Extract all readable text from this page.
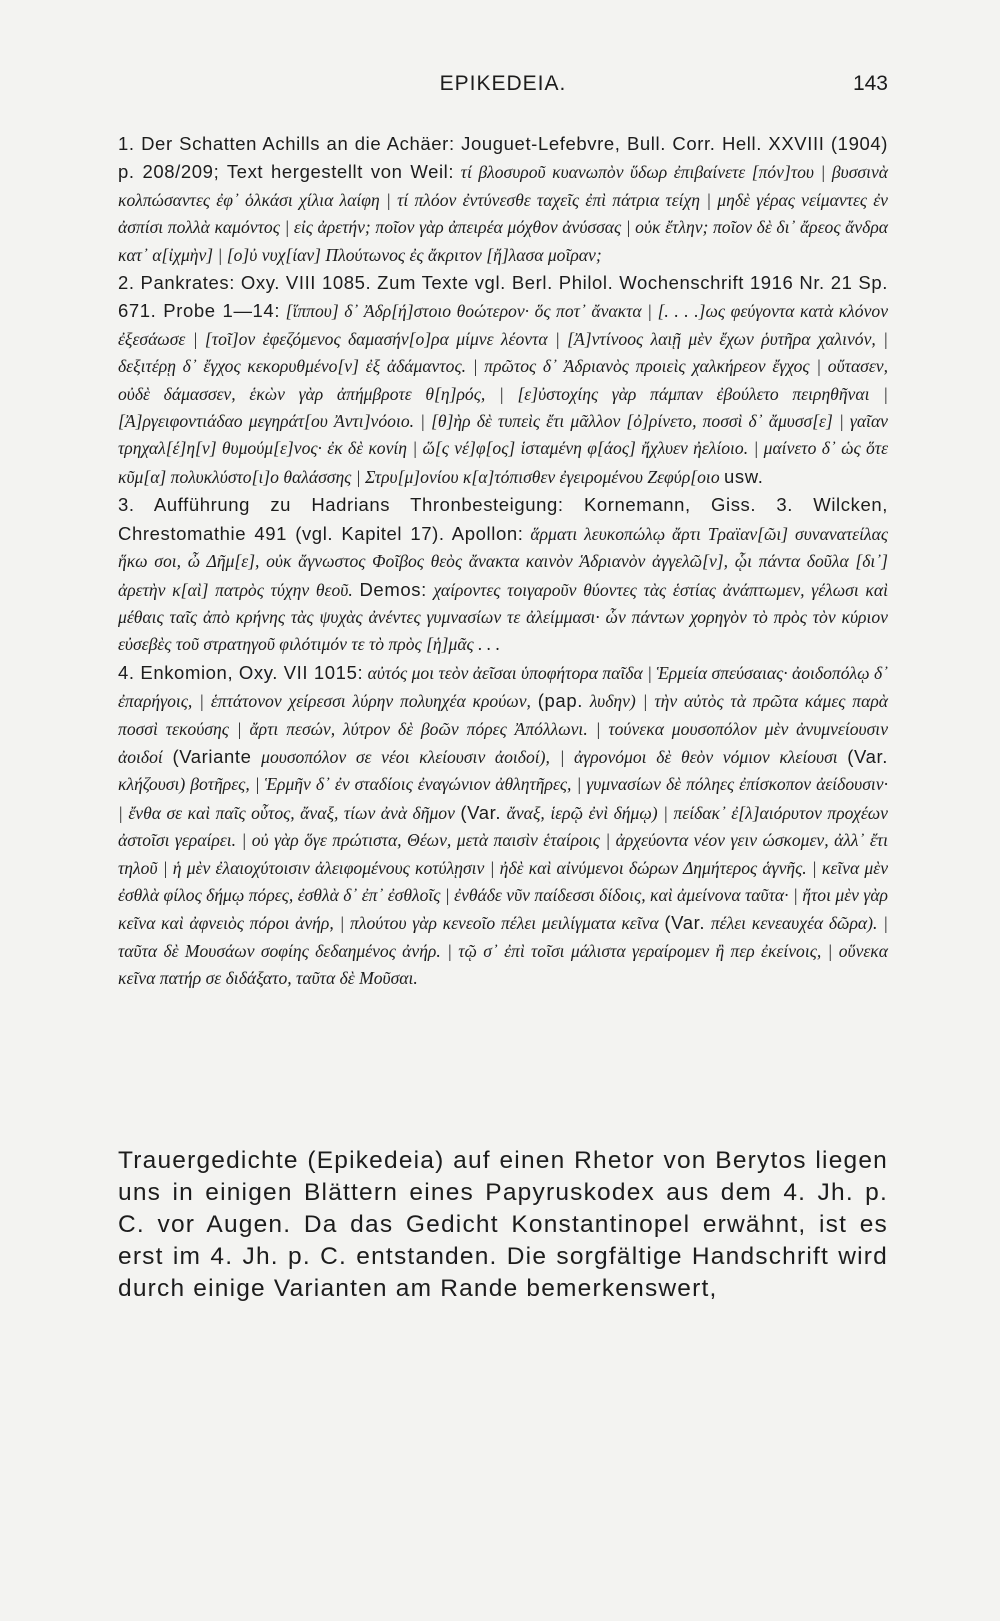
EPIKEDEIA.	143

1. Der Schatten Achills an die Achäer: Jouguet-Lefebvre, Bull. Corr. Hell. XXVIII (1904) p. 208/209; Text hergestellt von Weil: τί βλοσυροῦ κυανωπὸν ὕδωρ ἐπιβαίνετε [πόν]του | βυσσινὰ κολπώσαντες ἐφ᾽ ὁλκάσι χίλια λαίφη | τί πλόον ἐντύνεσθε ταχεῖς ἐπὶ πάτρια τείχη | μηδὲ γέρας νείμαντες ἐν ἀσπίσι πολλὰ καμόντος | εἰς ἀρετήν; ποῖον γὰρ ἀπειρέα μόχθον ἀνύσσας | οὐκ ἔτλην; ποῖον δὲ δι᾽ ἄρεος ἄνδρα κατ᾽ α[ἰχμὴν] | [ο]ὐ νυχ[ίαν] Πλούτωνος ἐς ἄκριτον [ἤ]λασα μοῖραν;

2. Pankrates: Oxy. VIII 1085. Zum Texte vgl. Berl. Philol. Wochenschrift 1916 Nr. 21 Sp. 671. Probe 1—14: [ἵππου] δ᾽ Ἀδρ[ή]στοιο θοώτερον· ὅς ποτ᾽ ἄνακτα | [. . . .]ως φεύγοντα κατὰ κλόνον ἐξεσάωσε | [τοῖ]ον ἐφεζόμενος δαμασήν[ο]ρα μίμνε λέοντα | [Ἀ]ντίνοος λαιῇ μὲν ἔχων ῥυτῆρα χαλινόν, | δεξιτέρῃ δ᾽ ἔγχος κεκορυθμένο[ν] ἐξ ἀδάμαντος. | πρῶτος δ᾽ Ἀδριανὸς προιεὶς χαλκήρεον ἔγχος | οὔτασεν, οὐδὲ δάμασσεν, ἑκὼν γὰρ ἀπήμβροτε θ[η]ρός, | [ε]ὐστοχίης γὰρ πάμπαν ἐβούλετο πειρηθῆναι | [Ἀ]ργειφοντιάδαο μεγηράτ[ου Ἀντι]νόοιο. | [θ]ὴρ δὲ τυπεὶς ἔτι μᾶλλον [ὀ]ρίνετο, ποσσὶ δ᾽ ἄμυσσ[ε] | γαῖαν τρηχαλ[έ]η[ν] θυμούμ[ε]νος· ἐκ δὲ κονίη | ὥ[ς νέ]φ[ος] ἱσταμένη φ[άος] ἤχλυεν ἠελίοιο. | μαίνετο δ᾽ ὡς ὅτε κῦμ[α] πολυκλύστο[ι]ο θαλάσσης | Στρυ[μ]ονίου κ[α]τόπισθεν ἐγειρομένου Ζεφύρ[οιο usw.

3. Aufführung zu Hadrians Thronbesteigung: Kornemann, Giss. 3. Wilcken, Chrestomathie 491 (vgl. Kapitel 17). Apollon: ἅρματι λευκοπώλῳ ἄρτι Τραϊαν[ῶι] συνανατείλας ἥκω σοι, ὦ Δῆμ[ε], οὐκ ἄγνωστος Φοῖβος θεὸς ἄνακτα καινὸν Ἁδριανὸν ἀγγελῶ[ν], ᾧι πάντα δοῦλα [δι᾽] ἀρετὴν κ[αὶ] πατρὸς τύχην θεοῦ. Demos: χαίροντες τοιγαροῦν θύοντες τὰς ἑστίας ἀνάπτωμεν, γέλωσι καὶ μέθαις ταῖς ἀπὸ κρήνης τὰς ψυχὰς ἀνέντες γυμνασίων τε ἀλείμμασι· ὧν πάντων χορηγὸν τὸ πρὸς τὸν κύριον εὐσεβὲς τοῦ στρατηγοῦ φιλότιμόν τε τὸ πρὸς [ἡ]μᾶς . . .

4. Enkomion, Oxy. VII 1015: αὐτός μοι τεὸν ἀεῖσαι ὑποφήτορα παῖδα | Ἑρμεία σπεύσαιας· ἀοιδοπόλῳ δ᾽ ἐπαρήγοις, | ἑπτάτονον χείρεσσι λύρην πολυηχέα κρούων, (pap. λυδην) | τὴν αὐτὸς τὰ πρῶτα κάμες παρὰ ποσσὶ τεκούσης | ἄρτι πεσών, λύτρον δὲ βοῶν πόρες Ἀπόλλωνι. | τούνεκα μουσοπόλον μὲν ἀνυμνείουσιν ἀοιδοί (Variante μουσοπόλον σε νέοι κλείουσιν ἀοιδοί), | ἀγρονόμοι δὲ θεὸν νόμιον κλείουσι (Var. κλήζουσι) βοτῆρες, | Ἑρμῆν δ᾽ ἐν σταδίοις ἐναγώνιον ἀθλητῆρες, | γυμνασίων δὲ πόληες ἐπίσκοπον ἀείδουσιν· | ἔνθα σε καὶ παῖς οὗτος, ἄναξ, τίων ἀνὰ δῆμον (Var. ἄναξ, ἱερῷ ἐνὶ δήμῳ) | πείδακ᾽ ἐ[λ]αιόρυτον προχέων ἀστοῖσι γεραίρει. | οὐ γὰρ ὅγε πρώτιστα, Θέων, μετὰ παισὶν ἑταίροις | ἀρχεύοντα νέον γειν ώσκομεν, ἀλλ᾽ ἔτι τηλοῦ | ἡ μὲν ἐλαιοχύτοισιν ἀλειφομένους κοτύλῃσιν | ἠδὲ καὶ αἰνύμενοι δώρων Δημήτερος ἁγνῆς. | κεῖνα μὲν ἐσθλὰ φίλος δήμῳ πόρες, ἐσθλὰ δ᾽ ἐπ᾽ ἐσθλοῖς | ἐνθάδε νῦν παίδεσσι δίδοις, καὶ ἀμείνονα ταῦτα· | ἤτοι μὲν γὰρ κεῖνα καὶ ἀφνειὸς πόροι ἀνήρ, | πλούτου γὰρ κενεοῖο πέλει μειλίγματα κεῖνα (Var. πέλει κενεαυχέα δῶρα). | ταῦτα δὲ Μουσάων σοφίης δεδαημένος ἀνήρ. | τῷ σ᾽ ἐπὶ τοῖσι μάλιστα γεραίρομεν ἢ περ ἐκείνοις, | οὕνεκα κεῖνα πατήρ σε διδάξατο, ταῦτα δὲ Μοῦσαι.

Trauergedichte (Epikedeia) auf einen Rhetor von Berytos liegen uns in einigen Blättern eines Papyruskodex aus dem 4. Jh. p. C. vor Augen. Da das Gedicht Konstantinopel erwähnt, ist es erst im 4. Jh. p. C. entstanden. Die sorgfältige Handschrift wird durch einige Varianten am Rande bemerkenswert,
